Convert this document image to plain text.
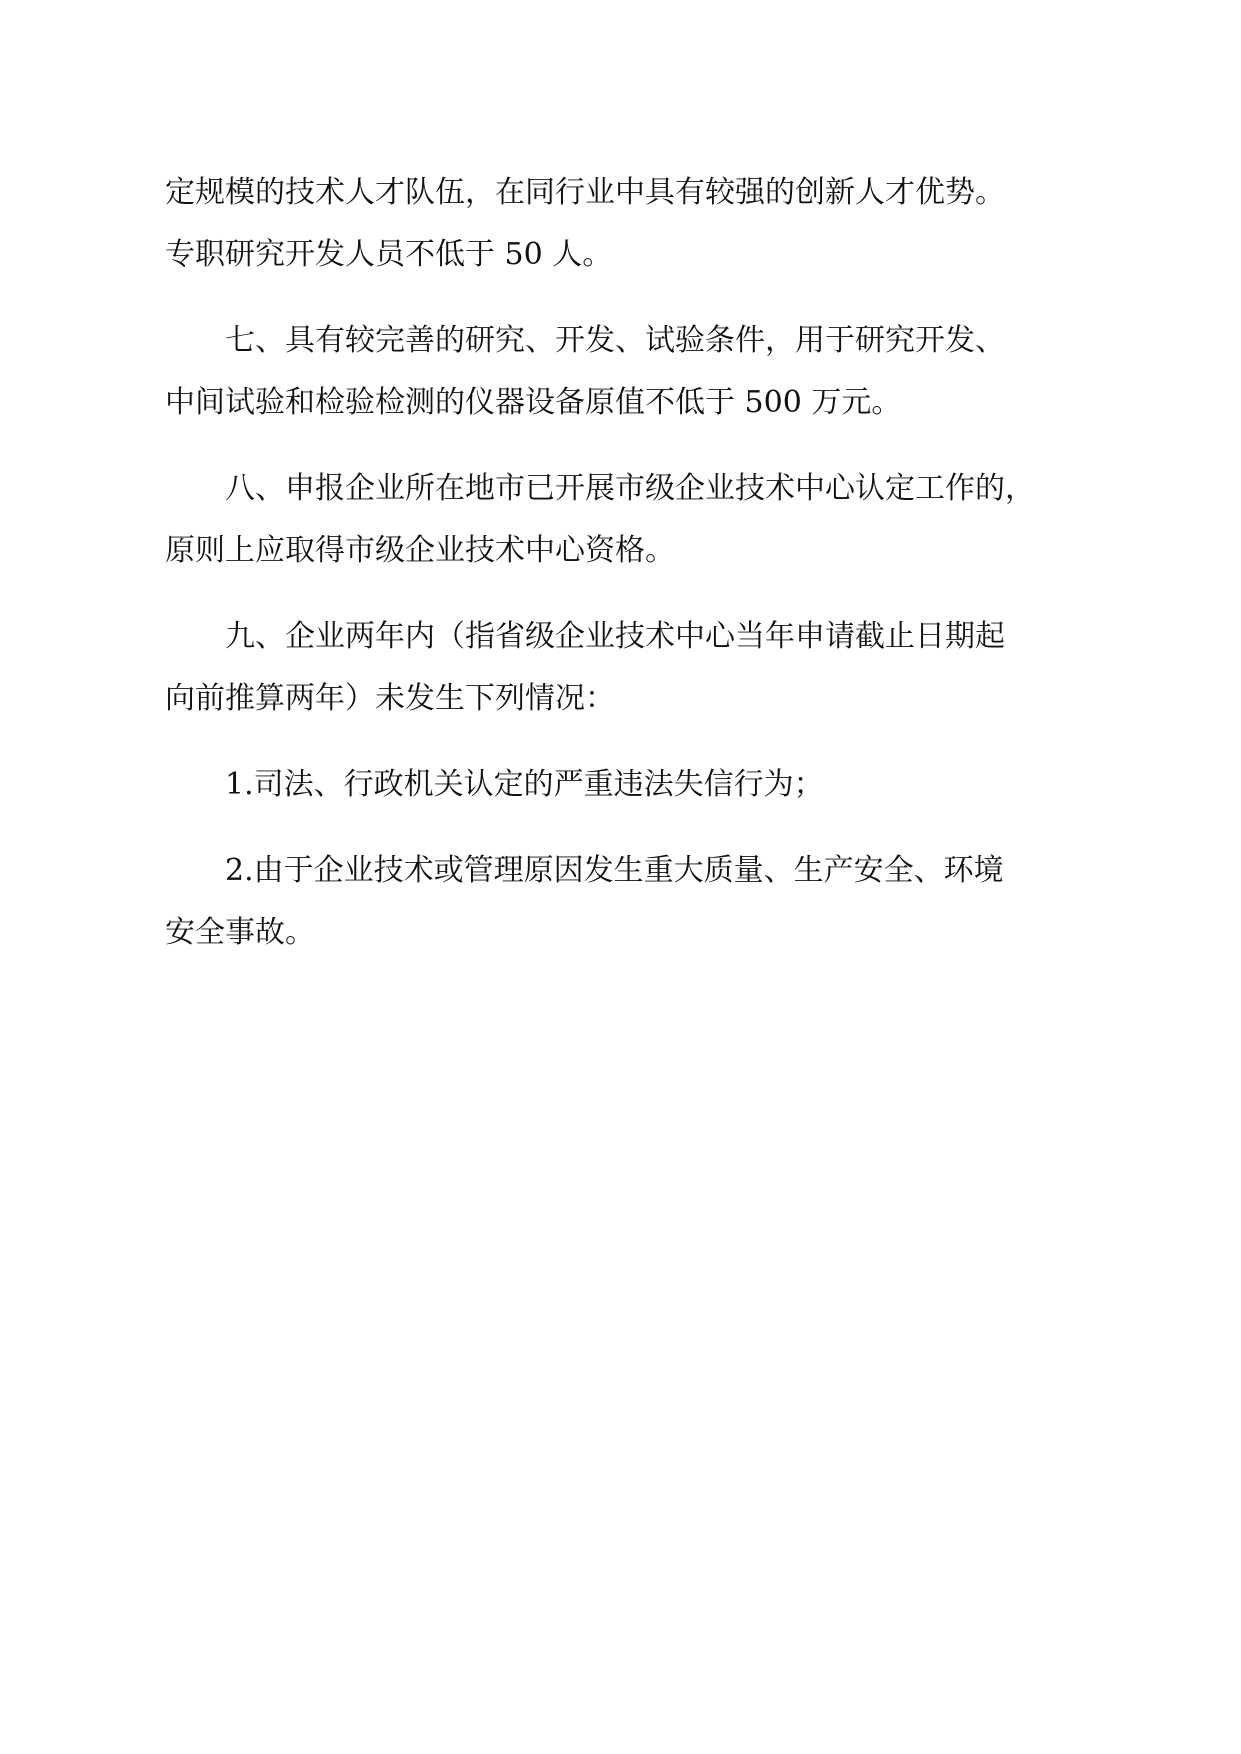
定规模的技术人才队伍，在同行业中具有较强的创新人才优势。
专职研究开发人员不低于 50 人。
七、具有较完善的研究、开发、试验条件，用于研究开发、
中间试验和检验检测的仪器设备原值不低于 500 万元。
八、申报企业所在地市已开展市级企业技术中心认定工作的，
原则上应取得市级企业技术中心资格。
九、企业两年内（指省级企业技术中心当年申请截止日期起
向前推算两年）未发生下列情况：
1.司法、行政机关认定的严重违法失信行为；
2.由于企业技术或管理原因发生重大质量、生产安全、环境
安全事故。
